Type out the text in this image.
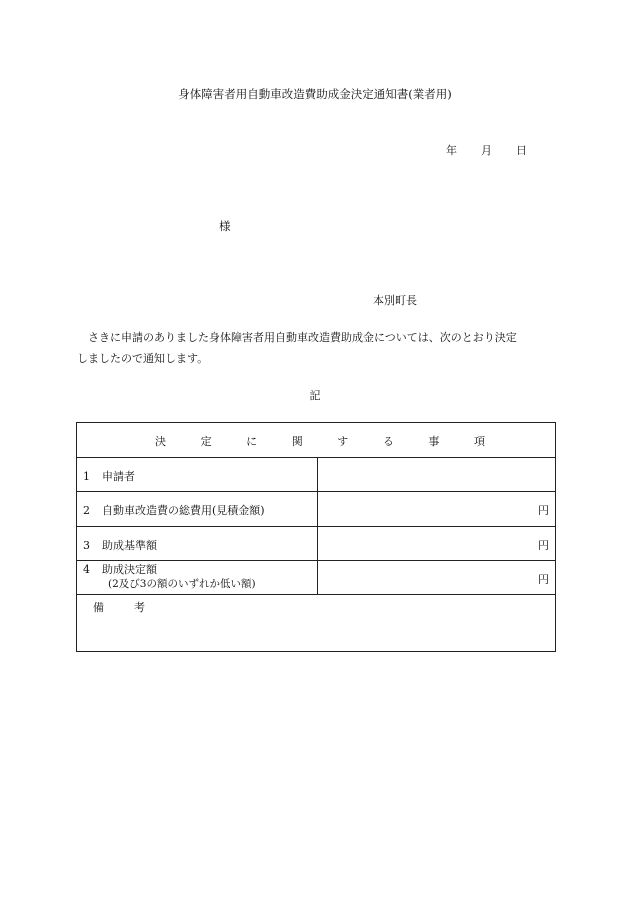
身体障害者用自動車改造費助成金決定通知書(業者用)
年 月 日
様
本別町長
さきに申請のありました身体障害者用自動車改造費助成金については、次のとおり決定
しましたので通知します。
記
決	定	に	関	す	る	事	項
1 申請者
2 自動車改造費の総費用(見積金額)	円
3 助成基準額	円
4 助成決定額
(2及び3の額のいずれか低い額)	円
備	考
